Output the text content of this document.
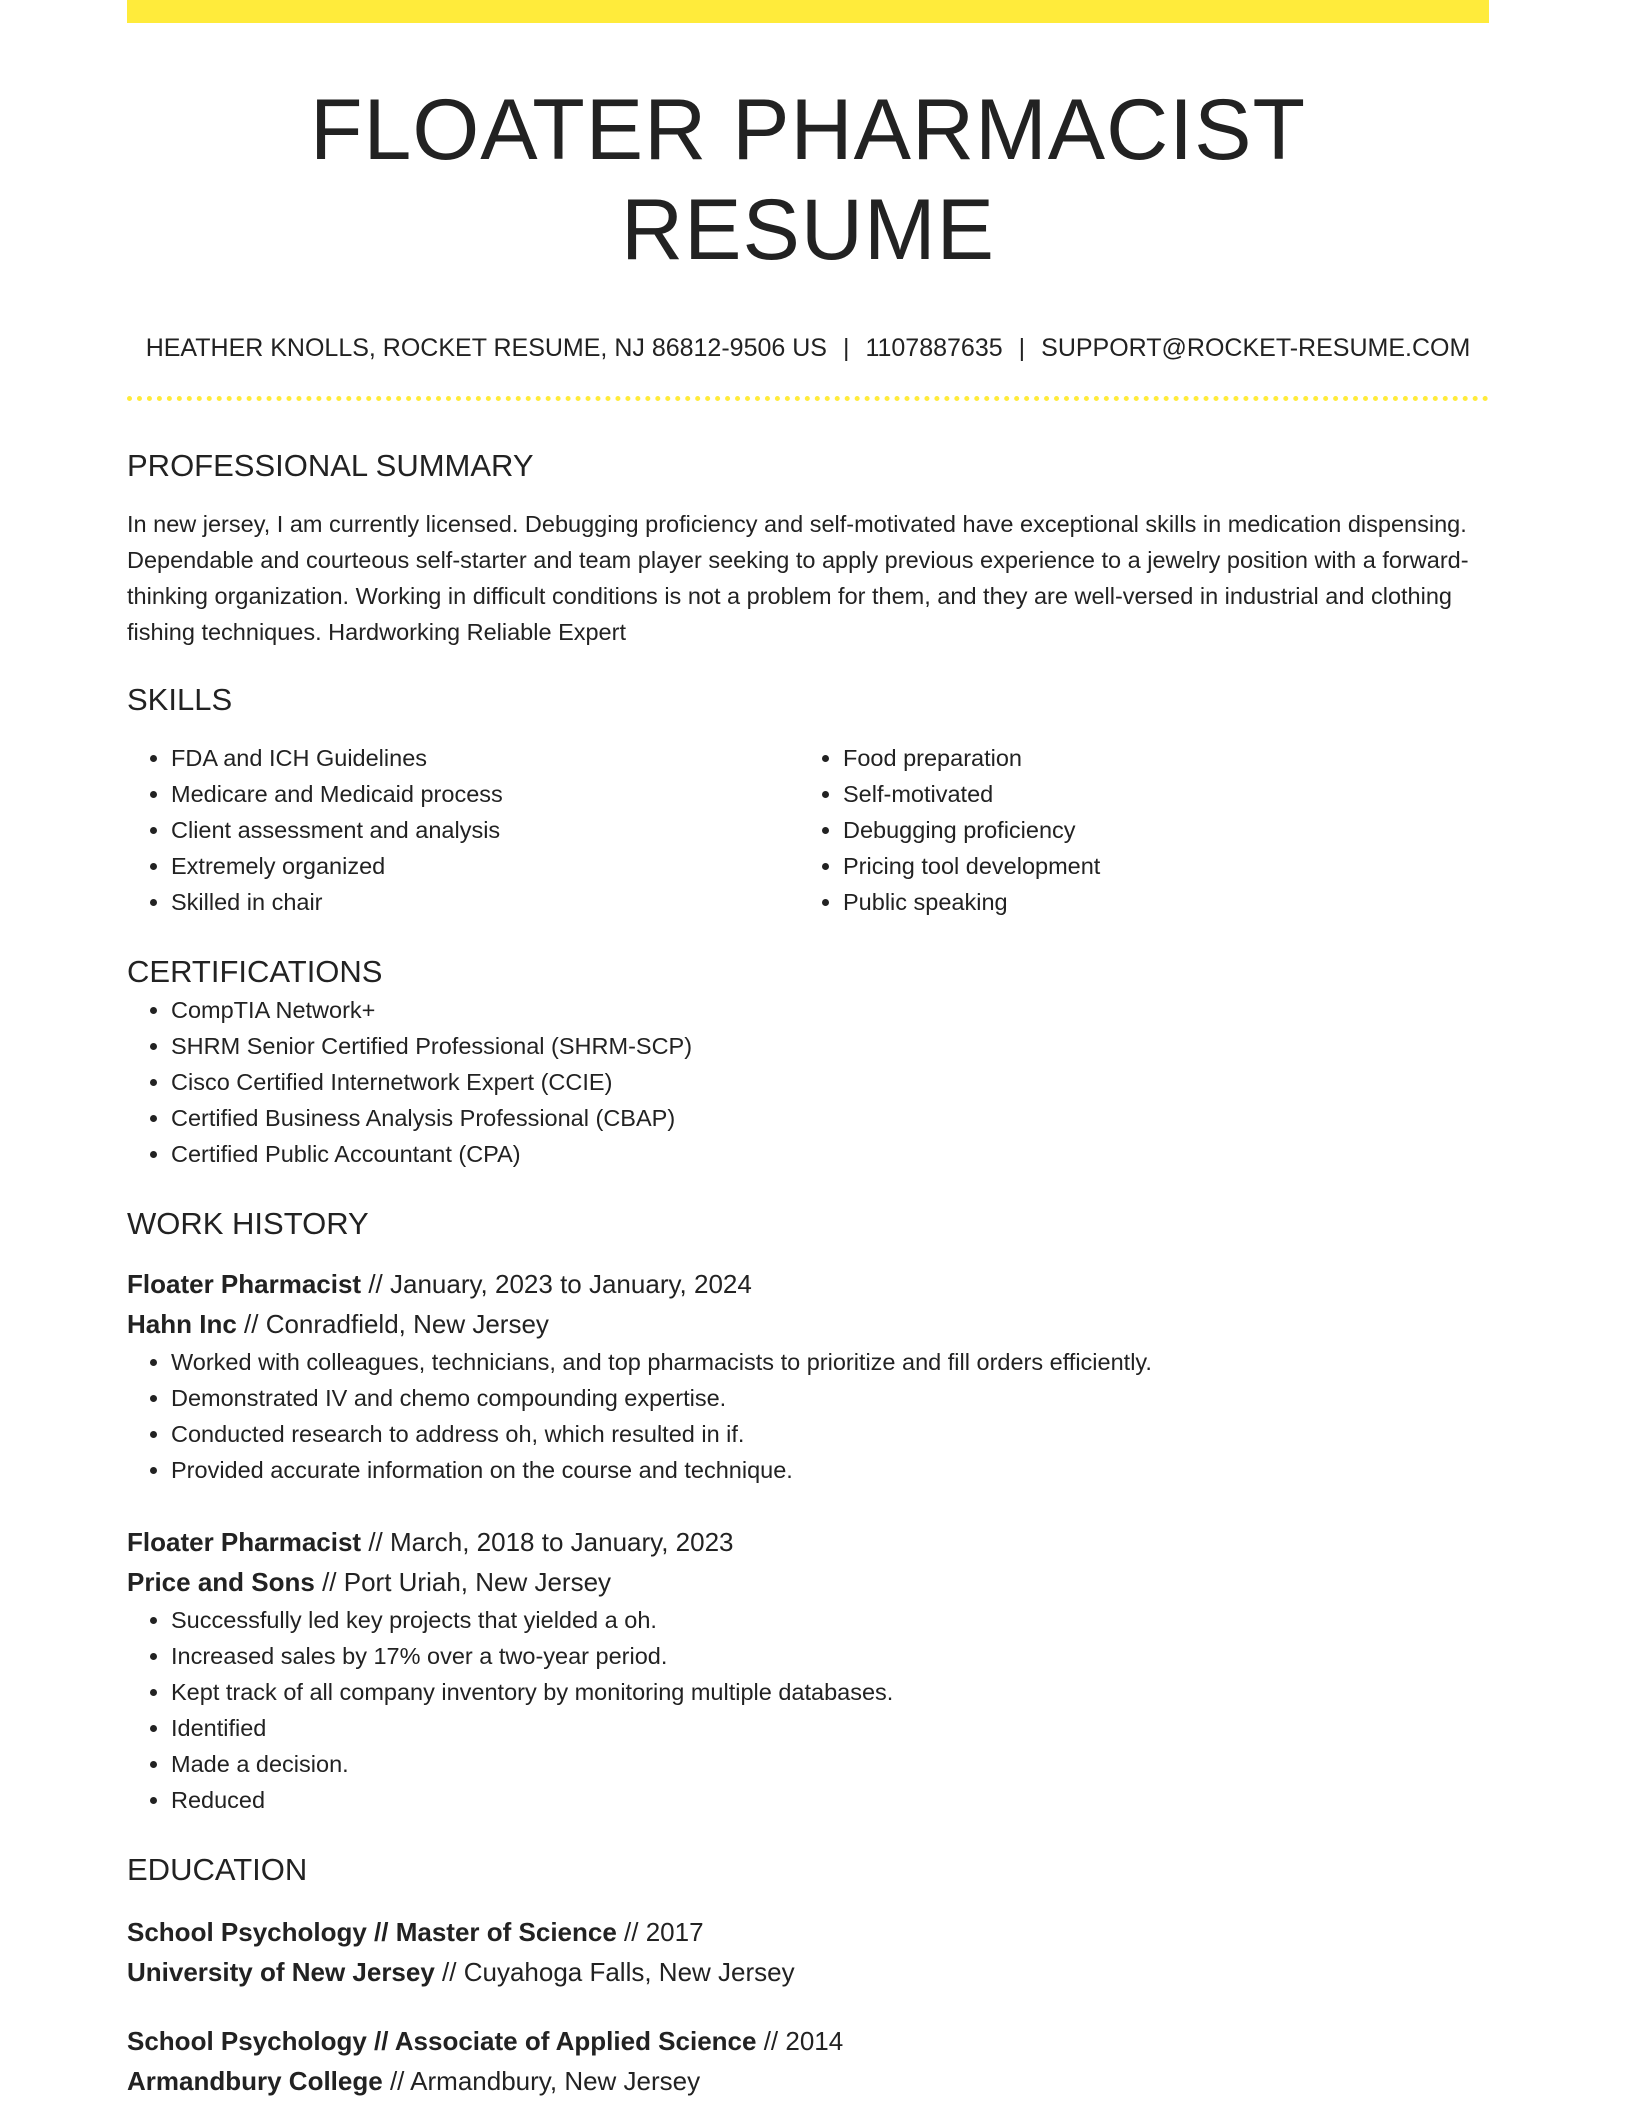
FLOATER PHARMACIST RESUME
HEATHER KNOLLS, ROCKET RESUME, NJ 86812-9506 US | 1107887635 | SUPPORT@ROCKET-RESUME.COM
PROFESSIONAL SUMMARY

In new jersey, I am currently licensed. Debugging proficiency and self-motivated have exceptional skills in medication dispensing. Dependable and courteous self-starter and team player seeking to apply previous experience to a jewelry position with a forward-thinking organization. Working in difficult conditions is not a problem for them, and they are well-versed in industrial and clothing fishing techniques. Hardworking Reliable Expert

SKILLS
• FDA and ICH Guidelines
• Medicare and Medicaid process
• Client assessment and analysis
• Extremely organized
• Skilled in chair
• Food preparation
• Self-motivated
• Debugging proficiency
• Pricing tool development
• Public speaking
CERTIFICATIONS
• CompTIA Network+
• SHRM Senior Certified Professional (SHRM-SCP)
• Cisco Certified Internetwork Expert (CCIE)
• Certified Business Analysis Professional (CBAP)
• Certified Public Accountant (CPA)
WORK HISTORY
Floater Pharmacist // January, 2023 to January, 2024
Hahn Inc // Conradfield, New Jersey
• Worked with colleagues, technicians, and top pharmacists to prioritize and fill orders efficiently.
• Demonstrated IV and chemo compounding expertise.
• Conducted research to address oh, which resulted in if.
• Provided accurate information on the course and technique.
Floater Pharmacist // March, 2018 to January, 2023
Price and Sons // Port Uriah, New Jersey
• Successfully led key projects that yielded a oh.
• Increased sales by 17% over a two-year period.
• Kept track of all company inventory by monitoring multiple databases.
• Identified
• Made a decision.
• Reduced
EDUCATION
School Psychology // Master of Science // 2017
University of New Jersey // Cuyahoga Falls, New Jersey
School Psychology // Associate of Applied Science // 2014
Armandbury College // Armandbury, New Jersey
